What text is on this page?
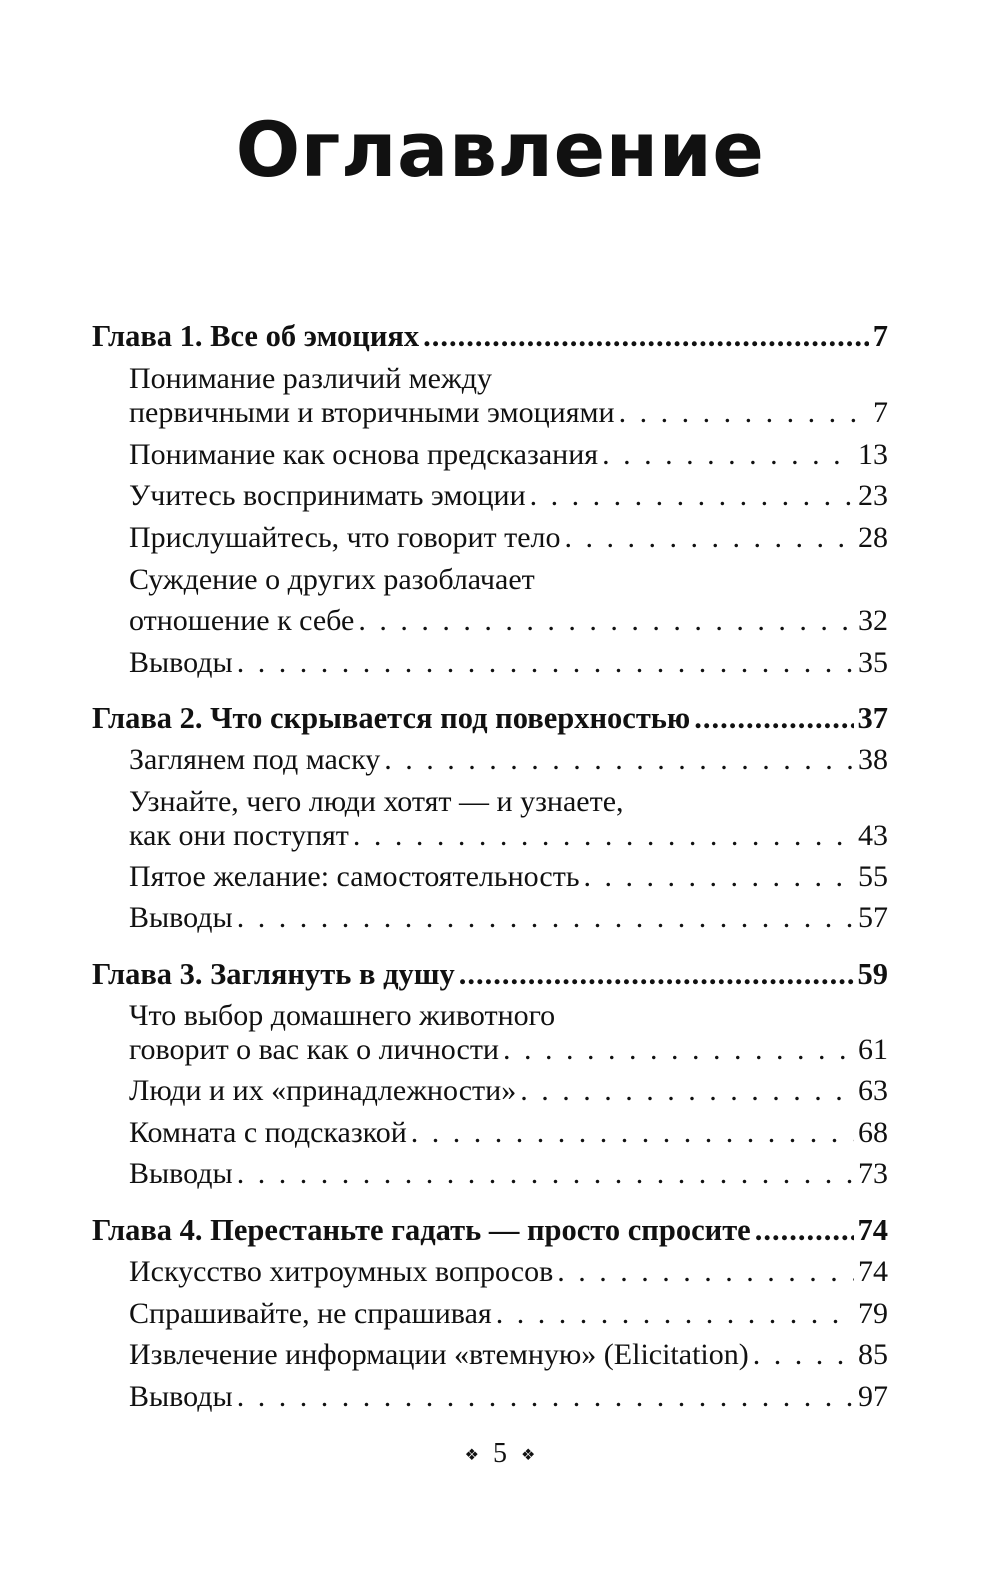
Оглавление
Глава 1. Все об эмоциях .....	7
Понимание различий между
первичными и вторичными эмоциями . . .	7
Понимание как основа предсказания . . .	13
Учитесь воспринимать эмоции . . .	23
Прислушайтесь, что говорит тело . . .	28
Суждение о других разоблачает
отношение к себе . . .	32
Выводы . . .	35
Глава 2. Что скрывается под поверхностью .....	37
Заглянем под маску . . .	38
Узнайте, чего люди хотят — и узнаете,
как они поступят . . .	43
Пятое желание: самостоятельность . . .	55
Выводы . . .	57
Глава 3. Заглянуть в душу .....	59
Что выбор домашнего животного
говорит о вас как о личности . . .	61
Люди и их «принадлежности» . . .	63
Комната с подсказкой . . .	68
Выводы . . .	73
Глава 4. Перестаньте гадать — просто спросите .....	74
Искусство хитроумных вопросов . . .	74
Спрашивайте, не спрашивая . . .	79
Извлечение информации «втемную» (Elicitation) . . .	85
Выводы . . .	97
❖ 5 ❖
